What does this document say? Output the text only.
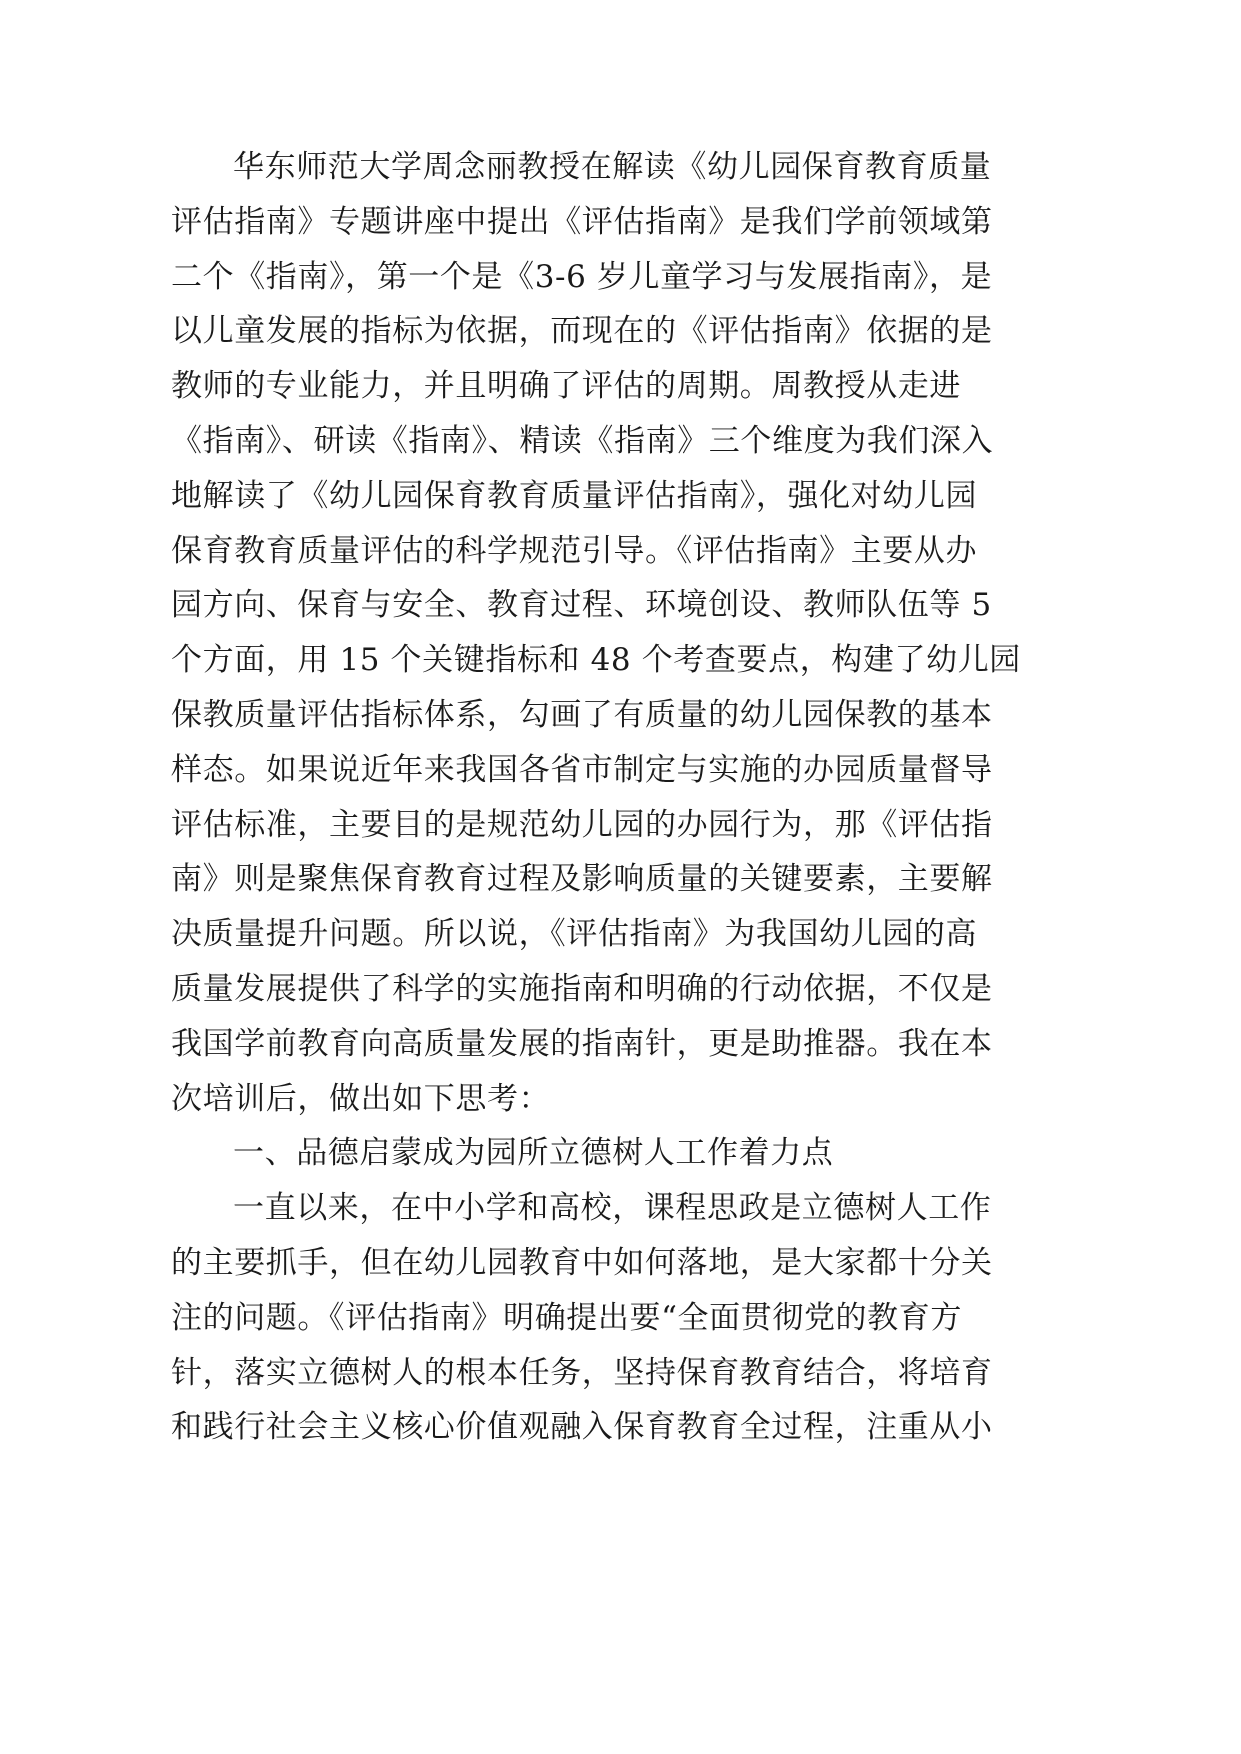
华东师范大学周念丽教授在解读《幼儿园保育教育质量
评估指南》专题讲座中提出《评估指南》是我们学前领域第
二个《指南》，第一个是《3-6 岁儿童学习与发展指南》，是
以儿童发展的指标为依据，而现在的《评估指南》依据的是
教师的专业能力，并且明确了评估的周期。周教授从走进
《指南》、研读《指南》、精读《指南》三个维度为我们深入
地解读了《幼儿园保育教育质量评估指南》，强化对幼儿园
保育教育质量评估的科学规范引导。《评估指南》主要从办
园方向、保育与安全、教育过程、环境创设、教师队伍等 5
个方面，用 15 个关键指标和 48 个考查要点，构建了幼儿园
保教质量评估指标体系，勾画了有质量的幼儿园保教的基本
样态。如果说近年来我国各省市制定与实施的办园质量督导
评估标准，主要目的是规范幼儿园的办园行为，那《评估指
南》则是聚焦保育教育过程及影响质量的关键要素，主要解
决质量提升问题。所以说，《评估指南》为我国幼儿园的高
质量发展提供了科学的实施指南和明确的行动依据，不仅是
我国学前教育向高质量发展的指南针，更是助推器。我在本
次培训后，做出如下思考：
一、品德启蒙成为园所立德树人工作着力点
一直以来，在中小学和高校，课程思政是立德树人工作
的主要抓手，但在幼儿园教育中如何落地，是大家都十分关
注的问题。《评估指南》明确提出要“全面贯彻党的教育方
针，落实立德树人的根本任务，坚持保育教育结合，将培育
和践行社会主义核心价值观融入保育教育全过程，注重从小
